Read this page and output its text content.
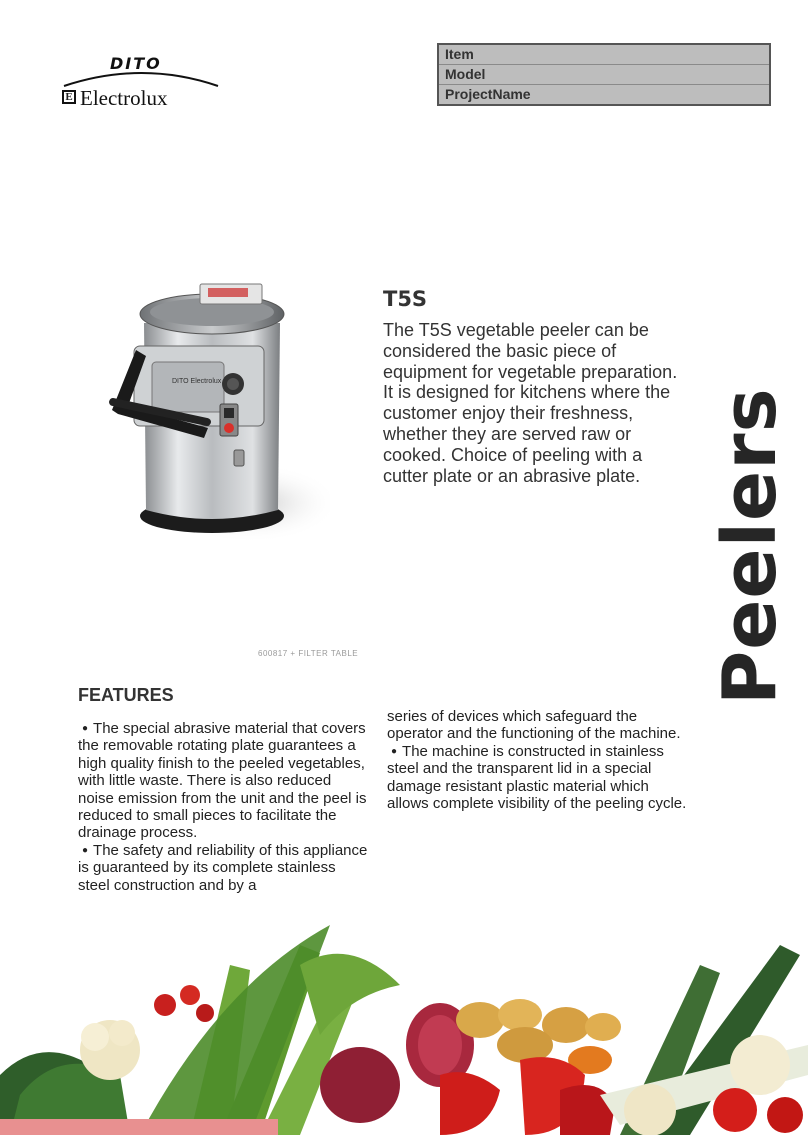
DITO
E Electrolux
Item
Model
ProjectName
DITO Electrolux
600817 + FILTER TABLE
T5S
The T5S vegetable peeler can be considered the basic piece of equipment for vegetable preparation. It is designed for kitchens where the customer enjoy their freshness, whether they are served raw or cooked. Choice of peeling with a cutter plate or an abrasive plate. Peelers
FEATURES
● The special abrasive material that covers the removable rotating plate guarantees a high quality finish to the peeled vegetables, with little waste. There is also reduced noise emission from the unit and the peel is reduced to small pieces to facilitate the drainage process.
● The safety and reliability of this appliance is guaranteed by its complete stainless steel construction and by a
series of devices which safeguard the operator and the functioning of the machine.
● The machine is constructed in stainless steel and the transparent lid in a special damage resistant plastic material which allows complete visibility of the peeling cycle.
